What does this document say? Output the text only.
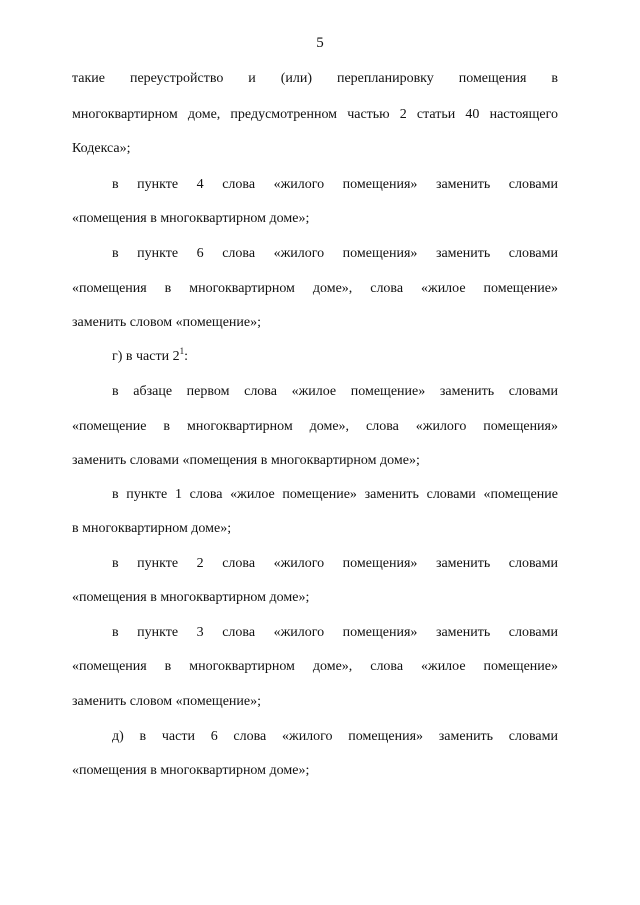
5
такие переустройство и (или) перепланировку помещения в
многоквартирном доме, предусмотренном частью 2 статьи 40 настоящего
Кодекса»;
в пункте 4 слова «жилого помещения» заменить словами
«помещения в многоквартирном доме»;
в пункте 6 слова «жилого помещения» заменить словами
«помещения в многоквартирном доме», слова «жилое помещение»
заменить словом «помещение»;
г) в части $2^1$:
в абзаце первом слова «жилое помещение» заменить словами
«помещение в многоквартирном доме», слова «жилого помещения»
заменить словами «помещения в многоквартирном доме»;
в пункте 1 слова «жилое помещение» заменить словами «помещение
в многоквартирном доме»;
в пункте 2 слова «жилого помещения» заменить словами
«помещения в многоквартирном доме»;
в пункте 3 слова «жилого помещения» заменить словами
«помещения в многоквартирном доме», слова «жилое помещение»
заменить словом «помещение»;
д) в части 6 слова «жилого помещения» заменить словами
«помещения в многоквартирном доме»;
